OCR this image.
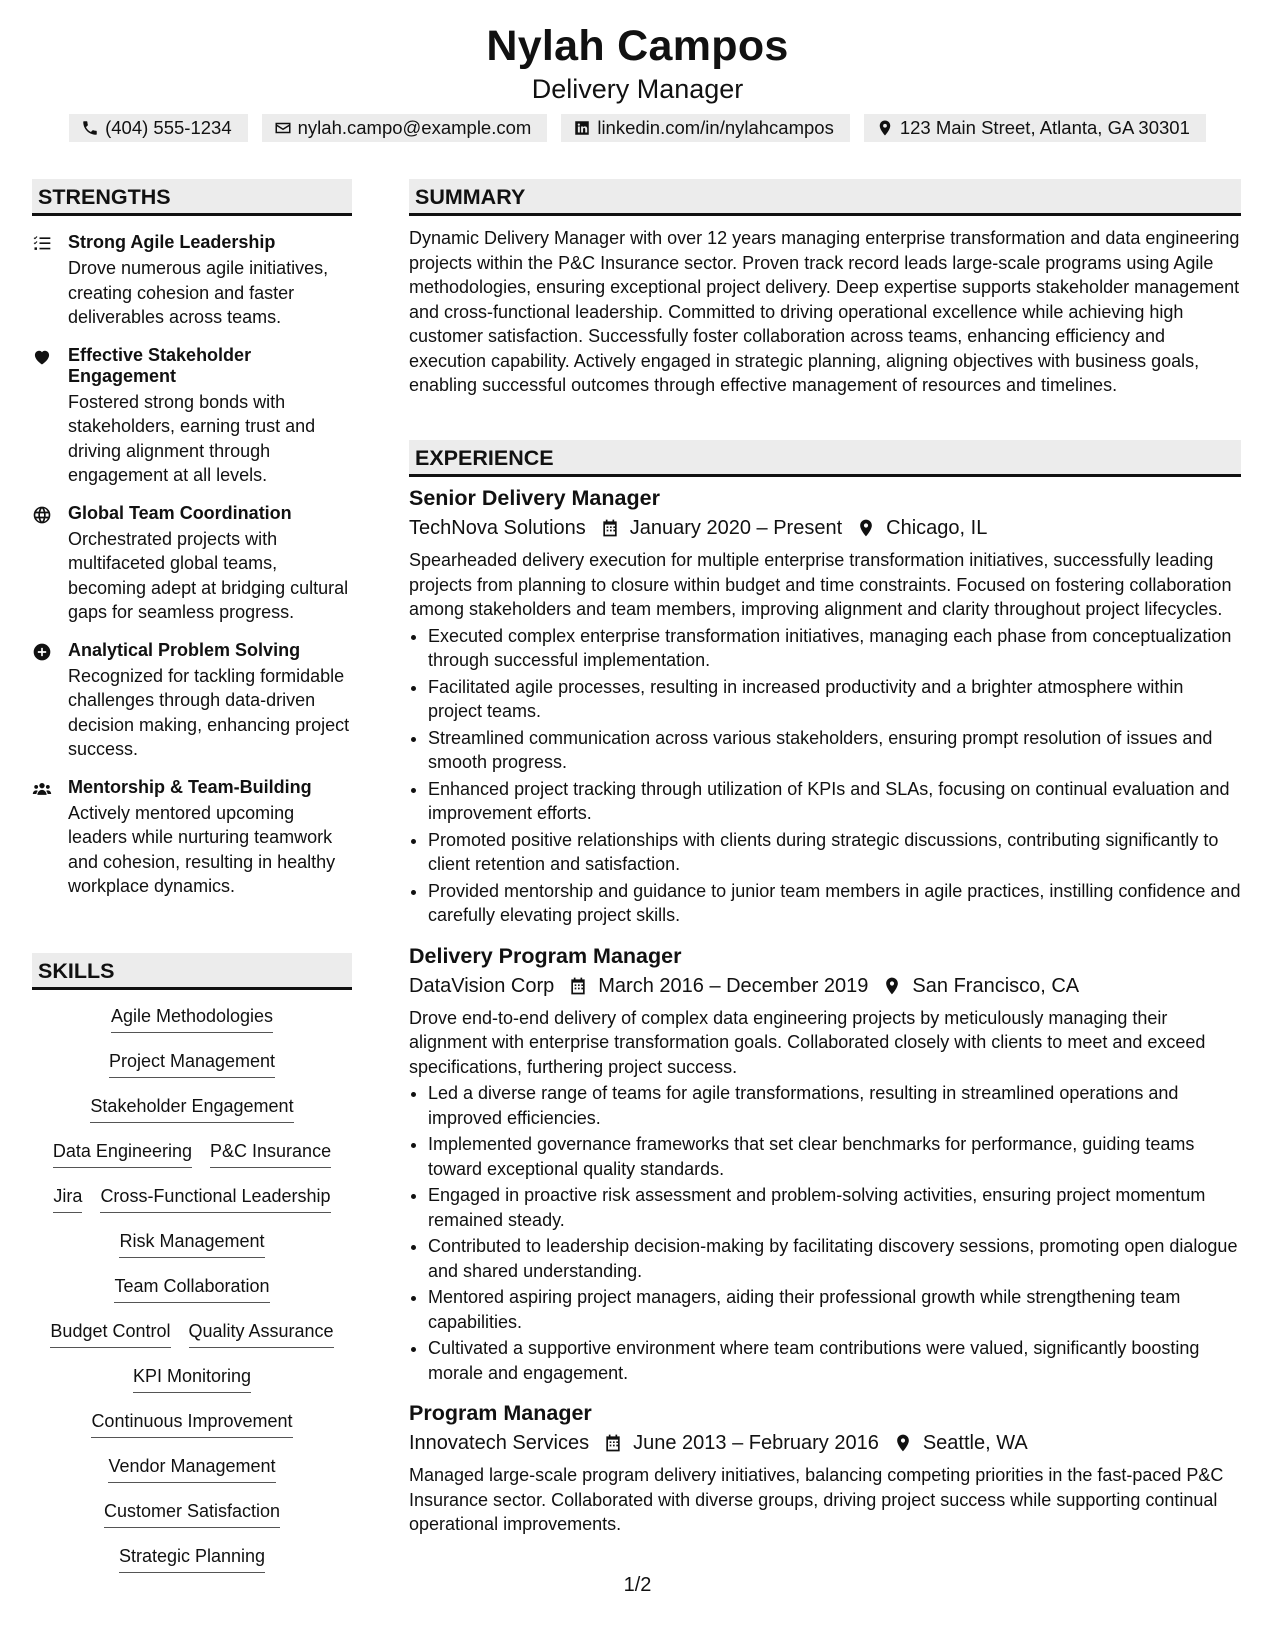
Nylah Campos
Delivery Manager
(404) 555-1234	nylah.campo@example.com	linkedin.com/in/nylahcampos	123 Main Street, Atlanta, GA 30301
STRENGTHS
Strong Agile Leadership
Drove numerous agile initiatives, creating cohesion and faster deliverables across teams.
Effective Stakeholder Engagement
Fostered strong bonds with stakeholders, earning trust and driving alignment through engagement at all levels.
Global Team Coordination
Orchestrated projects with multifaceted global teams, becoming adept at bridging cultural gaps for seamless progress.
Analytical Problem Solving
Recognized for tackling formidable challenges through data-driven decision making, enhancing project success.
Mentorship & Team-Building
Actively mentored upcoming leaders while nurturing teamwork and cohesion, resulting in healthy workplace dynamics.
SKILLS
Agile Methodologies
Project Management
Stakeholder Engagement
Data Engineering P&C Insurance
Jira Cross-Functional Leadership
Risk Management
Team Collaboration
Budget Control Quality Assurance
KPI Monitoring
Continuous Improvement
Vendor Management
Customer Satisfaction
Strategic Planning
SUMMARY
Dynamic Delivery Manager with over 12 years managing enterprise transformation and data engineering projects within the P&C Insurance sector. Proven track record leads large-scale programs using Agile methodologies, ensuring exceptional project delivery. Deep expertise supports stakeholder management and cross-functional leadership. Committed to driving operational excellence while achieving high customer satisfaction. Successfully foster collaboration across teams, enhancing efficiency and execution capability. Actively engaged in strategic planning, aligning objectives with business goals, enabling successful outcomes through effective management of resources and timelines.
EXPERIENCE
Senior Delivery Manager
TechNova Solutions January 2020 – Present Chicago, IL
Spearheaded delivery execution for multiple enterprise transformation initiatives, successfully leading projects from planning to closure within budget and time constraints. Focused on fostering collaboration among stakeholders and team members, improving alignment and clarity throughout project lifecycles.
• Executed complex enterprise transformation initiatives, managing each phase from conceptualization through successful implementation.
• Facilitated agile processes, resulting in increased productivity and a brighter atmosphere within project teams.
• Streamlined communication across various stakeholders, ensuring prompt resolution of issues and smooth progress.
• Enhanced project tracking through utilization of KPIs and SLAs, focusing on continual evaluation and improvement efforts.
• Promoted positive relationships with clients during strategic discussions, contributing significantly to client retention and satisfaction.
• Provided mentorship and guidance to junior team members in agile practices, instilling confidence and carefully elevating project skills.
Delivery Program Manager
DataVision Corp March 2016 – December 2019 San Francisco, CA
Drove end-to-end delivery of complex data engineering projects by meticulously managing their alignment with enterprise transformation goals. Collaborated closely with clients to meet and exceed specifications, furthering project success.
• Led a diverse range of teams for agile transformations, resulting in streamlined operations and improved efficiencies.
• Implemented governance frameworks that set clear benchmarks for performance, guiding teams toward exceptional quality standards.
• Engaged in proactive risk assessment and problem-solving activities, ensuring project momentum remained steady.
• Contributed to leadership decision-making by facilitating discovery sessions, promoting open dialogue and shared understanding.
• Mentored aspiring project managers, aiding their professional growth while strengthening team capabilities.
• Cultivated a supportive environment where team contributions were valued, significantly boosting morale and engagement.
Program Manager
Innovatech Services June 2013 – February 2016 Seattle, WA
Managed large-scale program delivery initiatives, balancing competing priorities in the fast-paced P&C Insurance sector. Collaborated with diverse groups, driving project success while supporting continual operational improvements.
1/2
